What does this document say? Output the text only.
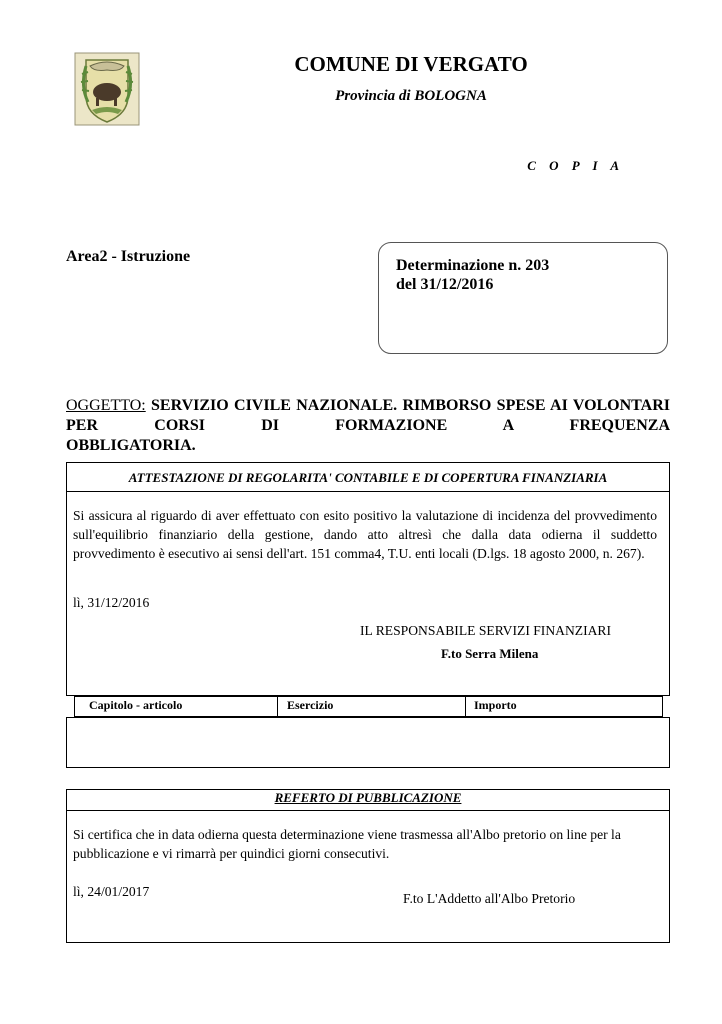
COMUNE DI VERGATO
Provincia di BOLOGNA
C O P I A
Area2 - Istruzione
Determinazione n. 203
del 31/12/2016
OGGETTO: SERVIZIO CIVILE NAZIONALE. RIMBORSO SPESE AI VOLONTARI PER CORSI DI FORMAZIONE A FREQUENZA
OBBLIGATORIA.
ATTESTAZIONE DI REGOLARITA' CONTABILE E DI COPERTURA FINANZIARIA
Si assicura al riguardo di aver effettuato con esito positivo la valutazione di incidenza del provvedimento sull'equilibrio finanziario della gestione, dando atto altresì che dalla data odierna il suddetto provvedimento è esecutivo ai sensi dell'art. 151 comma4, T.U. enti locali (D.lgs. 18 agosto 2000, n. 267).
lì, 31/12/2016
IL RESPONSABILE SERVIZI FINANZIARI
F.to Serra Milena
Capitolo - articolo	Esercizio	Importo
REFERTO DI PUBBLICAZIONE
Si certifica che in data odierna questa determinazione viene trasmessa all'Albo pretorio on line per la pubblicazione e vi rimarrà per quindici giorni consecutivi.
lì, 24/01/2017	F.to L'Addetto all'Albo Pretorio
